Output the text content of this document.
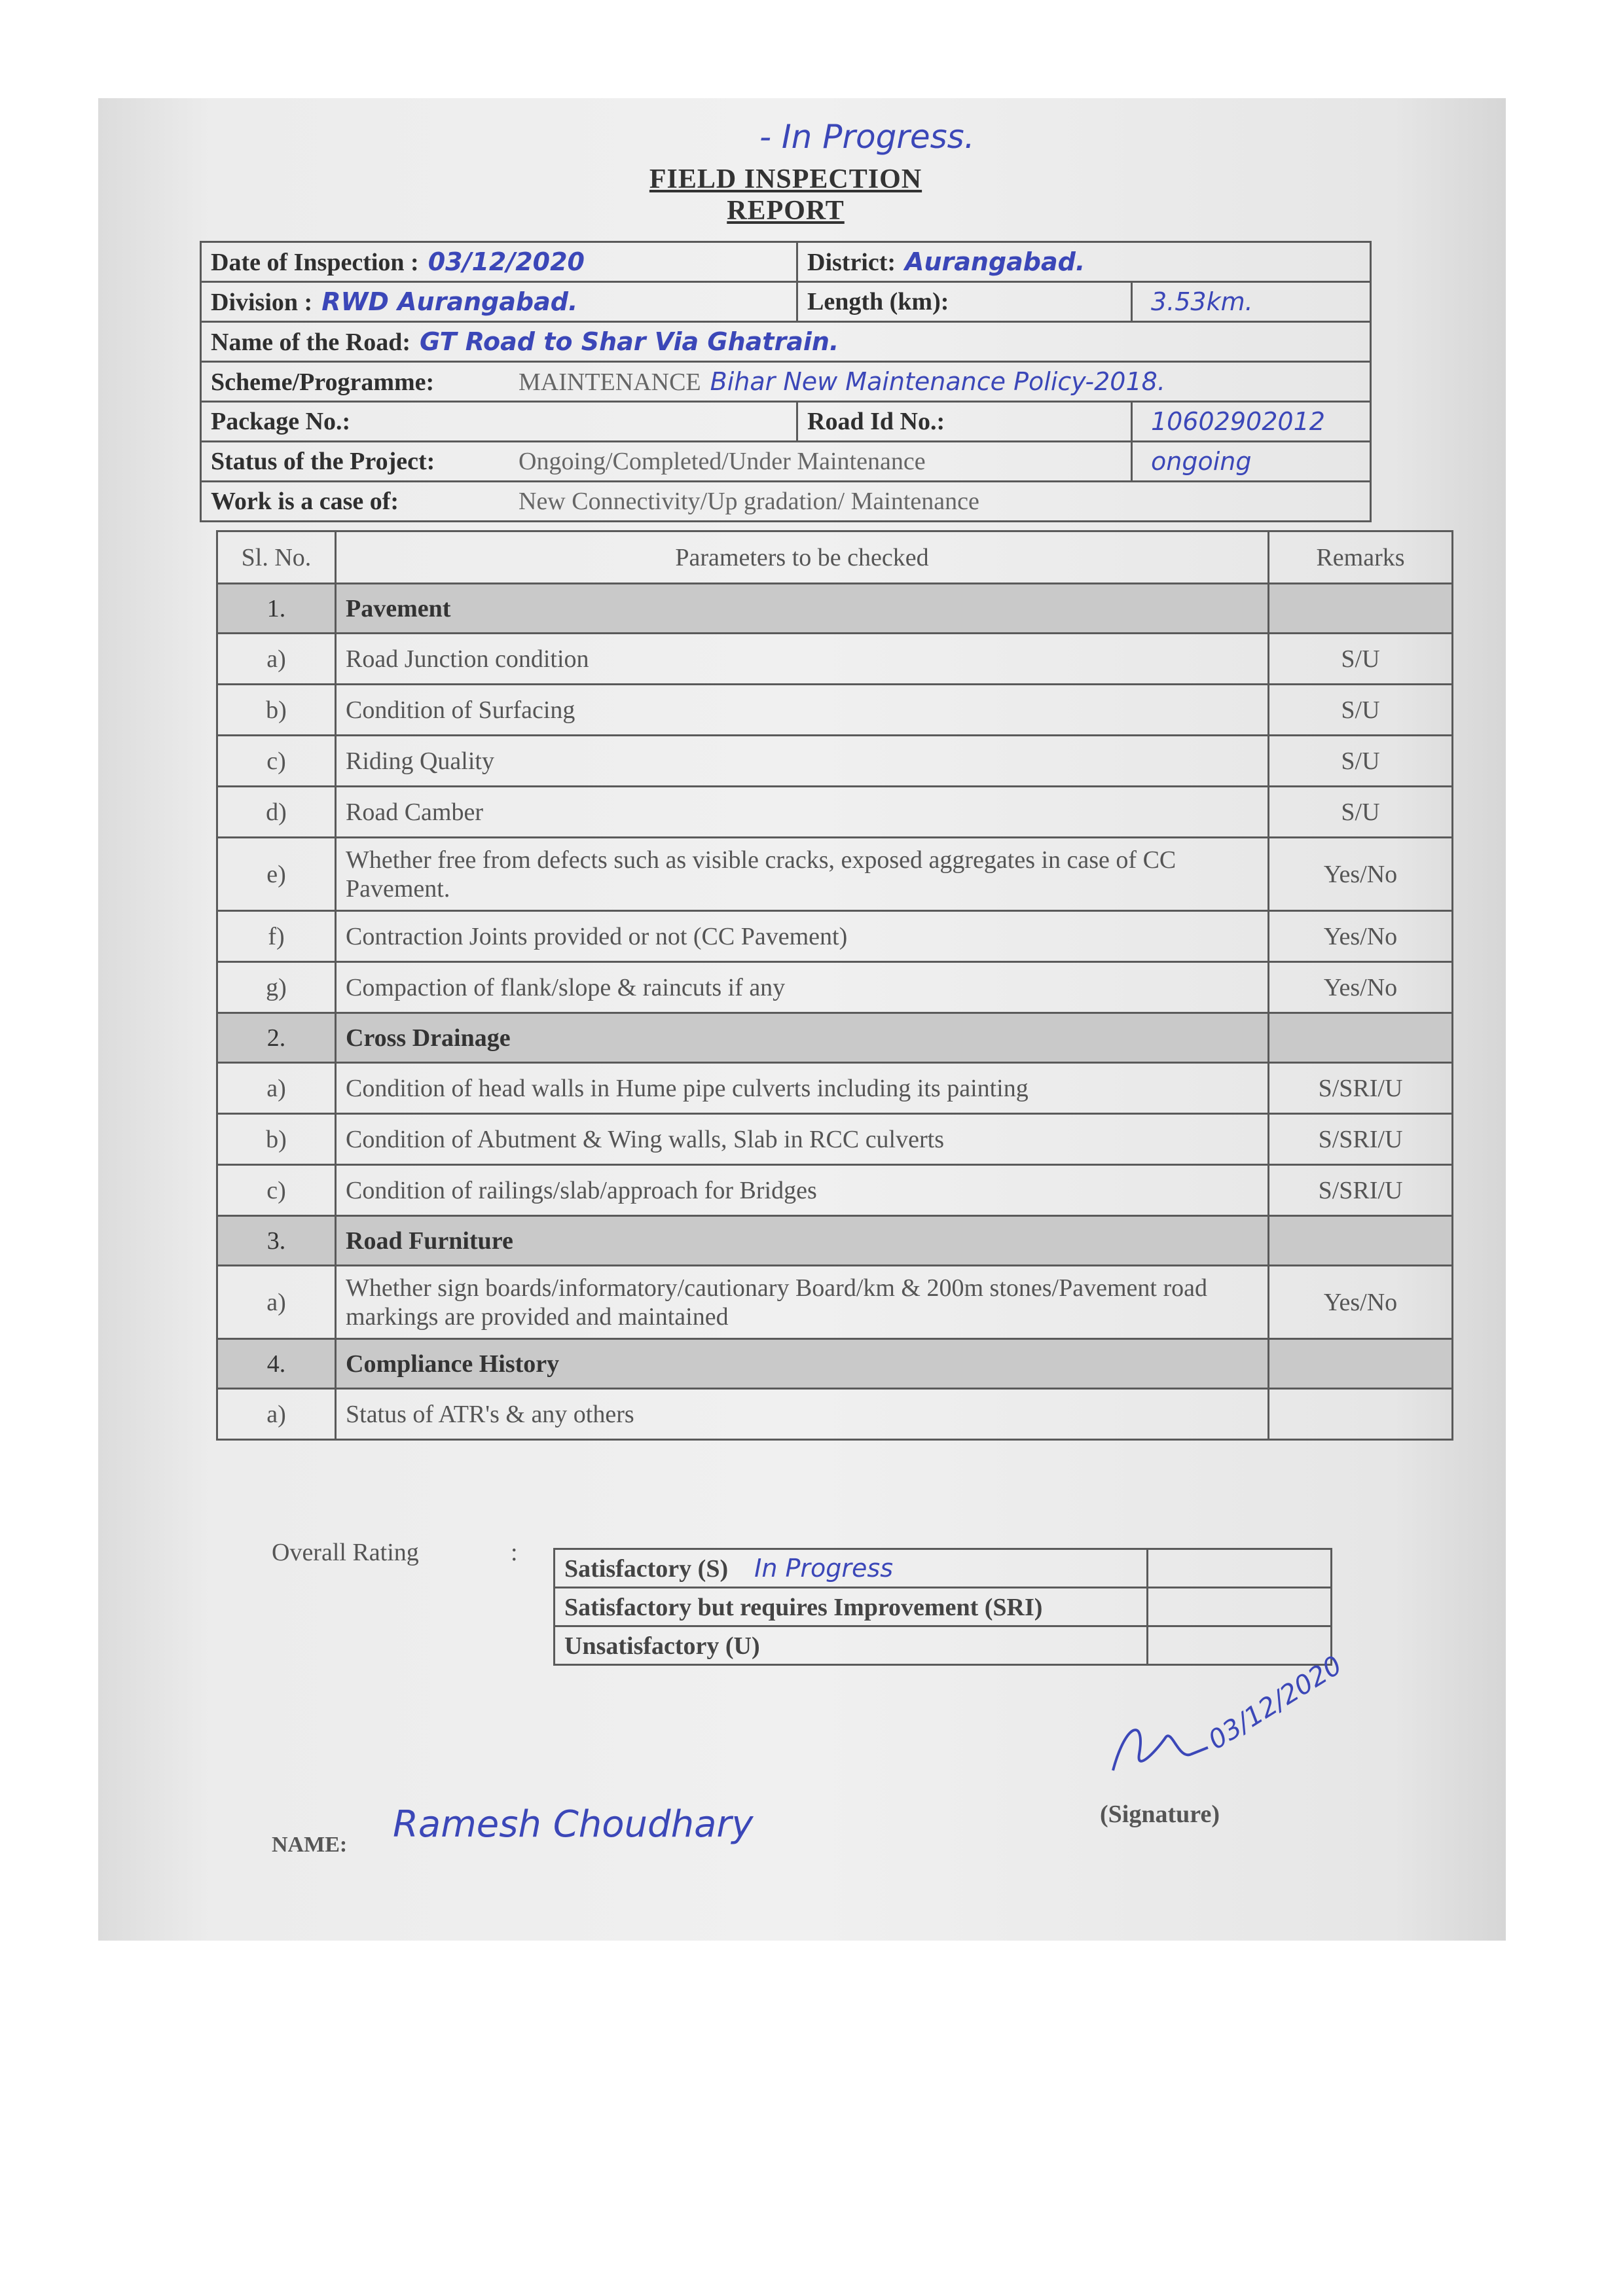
- In Progress.
FIELD INSPECTION REPORT
Date of Inspection : 03/12/2020	District: Aurangabad.	
Division : RWD Aurangabad.	Length (km):	3.53km.
Name of the Road: GT Road to Shar Via Ghatrain.		
Scheme/Programme: MAINTENANCE Bihar New Maintenance Policy-2018.		
Package No.:	Road Id No.:	10602902012
Status of the Project: Ongoing/Completed/Under Maintenance		ongoing
Work is a case of: New Connectivity/Up gradation/ Maintenance		
Sl. No.	Parameters to be checked	Remarks
1.	Pavement	
a)	Road Junction condition	S/U
b)	Condition of Surfacing	S/U
c)	Riding Quality	S/U
d)	Road Camber	S/U
e)	Whether free from defects such as visible cracks, exposed aggregates in case of CC Pavement.	Yes/No
f)	Contraction Joints provided or not (CC Pavement)	Yes/No
g)	Compaction of flank/slope & raincuts if any	Yes/No
2.	Cross Drainage	
a)	Condition of head walls in Hume pipe culverts including its painting	S/SRI/U
b)	Condition of Abutment & Wing walls, Slab in RCC culverts	S/SRI/U
c)	Condition of railings/slab/approach for Bridges	S/SRI/U
3.	Road Furniture	
a)	Whether sign boards/informatory/cautionary Board/km & 200m stones/Pavement road markings are provided and maintained	Yes/No
4.	Compliance History	
a)	Status of ATR's & any others	
Overall Rating	:
Satisfactory (S) In Progress	
Satisfactory but requires Improvement (SRI)	
Unsatisfactory (U)	
03/12/2020
(Signature)
NAME: Ramesh Choudhary
